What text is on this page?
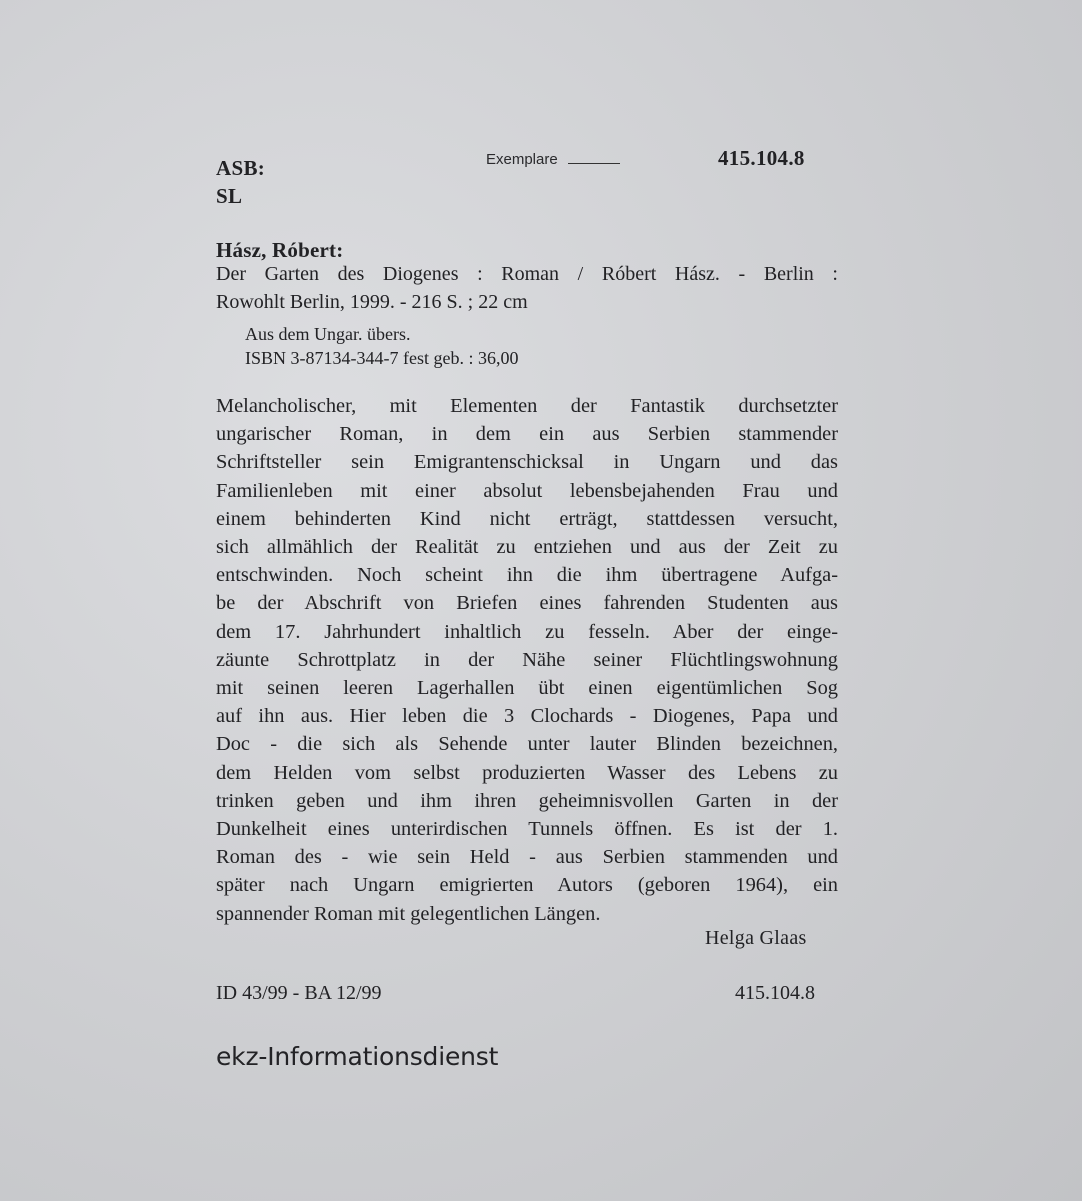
ASB:
SL
Exemplare	415.104.8
Hász, Róbert:
Der Garten des Diogenes : Roman / Róbert Hász. - Berlin :
Rowohlt Berlin, 1999. - 216 S. ; 22 cm
Aus dem Ungar. übers.
ISBN 3-87134-344-7 fest geb. : 36,00
Melancholischer, mit Elementen der Fantastik durchsetzter
ungarischer Roman, in dem ein aus Serbien stammender
Schriftsteller sein Emigrantenschicksal in Ungarn und das
Familienleben mit einer absolut lebensbejahenden Frau und
einem behinderten Kind nicht erträgt, stattdessen versucht,
sich allmählich der Realität zu entziehen und aus der Zeit zu
entschwinden. Noch scheint ihn die ihm übertragene Aufga-
be der Abschrift von Briefen eines fahrenden Studenten aus
dem 17. Jahrhundert inhaltlich zu fesseln. Aber der einge-
zäunte Schrottplatz in der Nähe seiner Flüchtlingswohnung
mit seinen leeren Lagerhallen übt einen eigentümlichen Sog
auf ihn aus. Hier leben die 3 Clochards - Diogenes, Papa und
Doc - die sich als Sehende unter lauter Blinden bezeichnen,
dem Helden vom selbst produzierten Wasser des Lebens zu
trinken geben und ihm ihren geheimnisvollen Garten in der
Dunkelheit eines unterirdischen Tunnels öffnen. Es ist der 1.
Roman des - wie sein Held - aus Serbien stammenden und
später nach Ungarn emigrierten Autors (geboren 1964), ein
spannender Roman mit gelegentlichen Längen.
Helga Glaas
ID 43/99 - BA 12/99	415.104.8
ekz-Informationsdienst
